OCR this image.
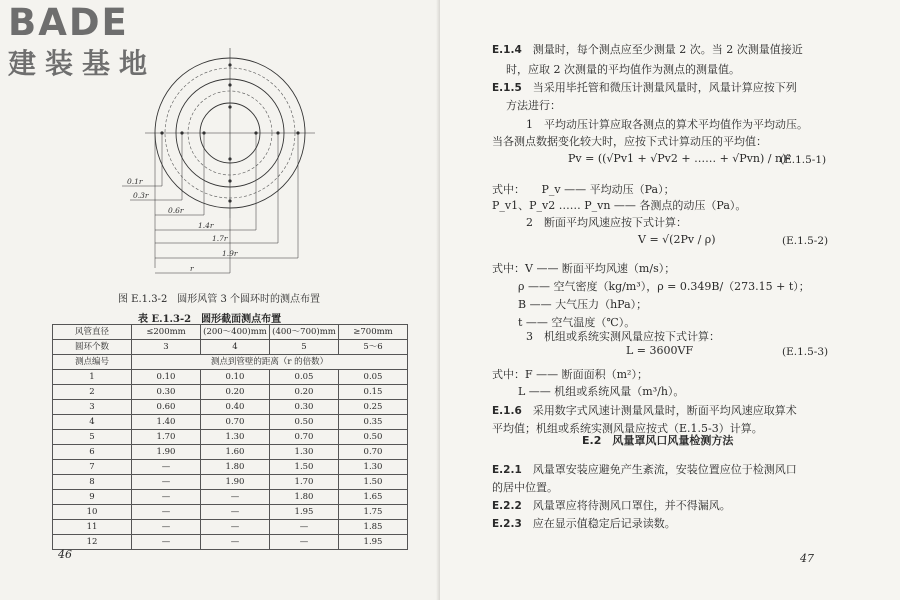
BADE
建装基地
0.1r
0.3r
0.6r
1.4r
1.7r
1.9r
r
图 E.1.3-2　圆形风管 3 个圆环时的测点布置
表 E.1.3-2　圆形截面测点布置
风管直径	≤200mm	(200～400)mm	(400～700)mm	≥700mm
圆环个数	3	4	5	5～6
测点编号	测点到管壁的距离（r 的倍数）			
1	0.10	0.10	0.05	0.05
2	0.30	0.20	0.20	0.15
3	0.60	0.40	0.30	0.25
4	1.40	0.70	0.50	0.35
5	1.70	1.30	0.70	0.50
6	1.90	1.60	1.30	0.70
7	—	1.80	1.50	1.30
8	—	1.90	1.70	1.50
9	—	—	1.80	1.65
10	—	—	1.95	1.75
11	—	—	—	1.85
12	—	—	—	1.95
46
E.1.4　 测量时，每个测点应至少测量 2 次。当 2 次测量值接近
时，应取 2 次测量的平均值作为测点的测量值。
E.1.5　 当采用毕托管和微压计测量风量时，风量计算应按下列
方法进行：
1　平均动压计算应取各测点的算术平均值作为平均动压。
当各测点数据变化较大时，应按下式计算动压的平均值：
式中：　　P_v —— 平均动压（Pa）；
P_v1、P_v2 …… P_vn —— 各测点的动压（Pa）。
2　断面平均风速应按下式计算：
式中：V —— 断面平均风速（m/s）；
ρ —— 空气密度（kg/m³），ρ = 0.349B/（273.15 + t）；
B —— 大气压力（hPa）；
t —— 空气温度（℃）。
3　机组或系统实测风量应按下式计算：
式中：F —— 断面面积（m²）；
L —— 机组或系统风量（m³/h）。
E.1.6　 采用数字式风速计测量风量时，断面平均风速应取算术
平均值；机组或系统实测风量应按式（E.1.5-3）计算。
E.2.1　 风量罩安装应避免产生紊流，安装位置应位于检测风口
的居中位置。
E.2.2　 风量罩应将待测风口罩住，并不得漏风。
E.2.3　 应在显示值稳定后记录读数。
Pv = ((√Pv1 + √Pv2 + …… + √Pvn) / n)²
(E.1.5-1)
V = √(2Pv / ρ)	(E.1.5-2)
L = 3600VF	(E.1.5-3)
E.2　风量罩风口风量检测方法
47
